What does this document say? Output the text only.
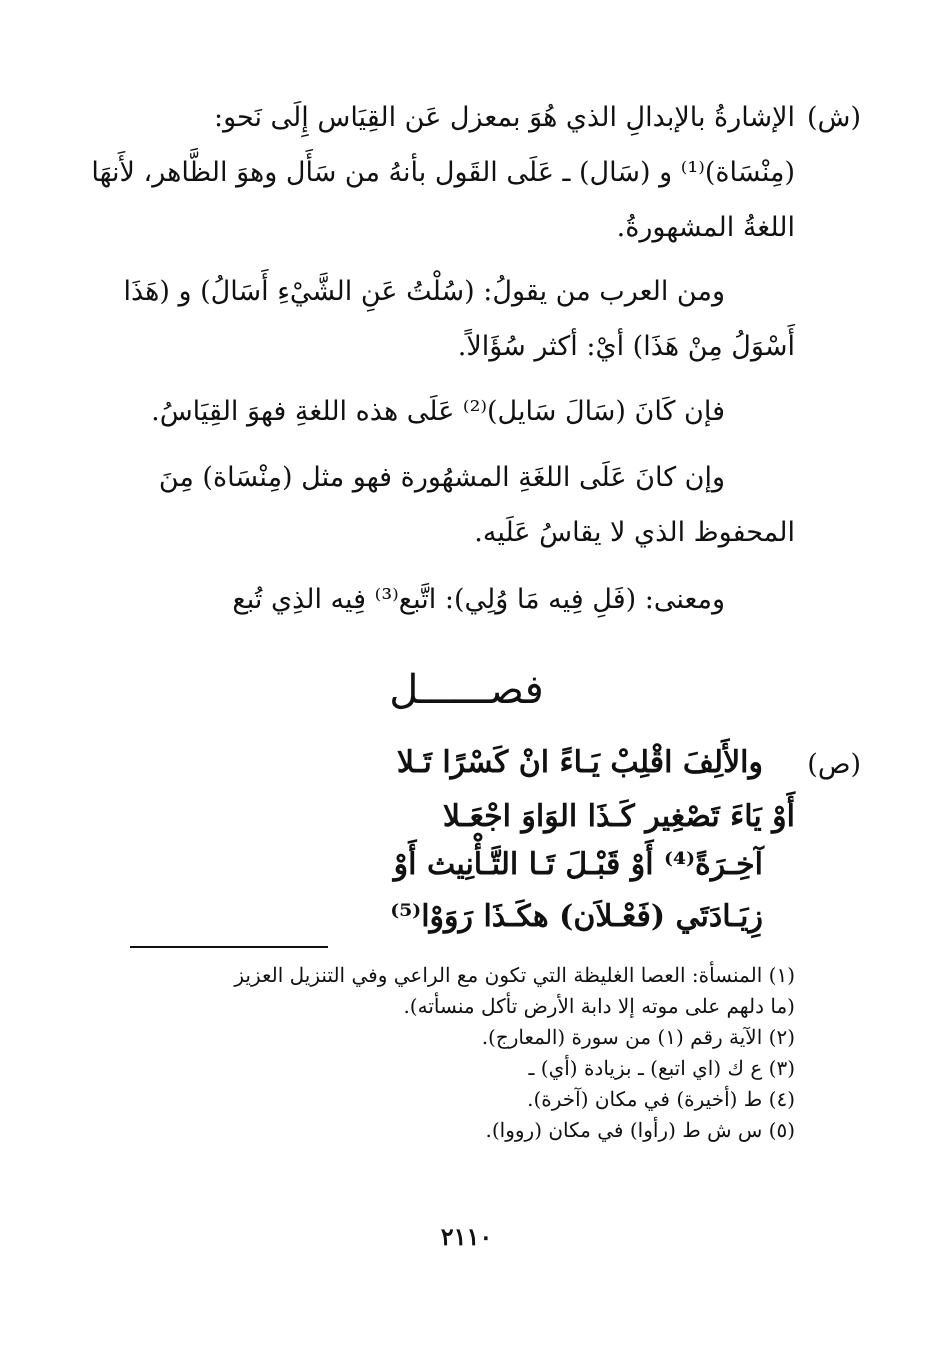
(ش)
الإشارةُ بالإبدالِ الذي هُوَ بمعزل عَن القِيَاس إِلَى نَحو:
(مِنْسَاة)⁽¹⁾ و (سَال) ـ عَلَى القَول بأنهُ من سَأَل وهوَ الظَّاهر، لأَنهَا
اللغةُ المشهورةُ.
ومن العرب من يقولُ: (سُلْتُ عَنِ الشَّيْءِ أَسَالُ) و (هَذَا
أَسْوَلُ مِنْ هَذَا) أيْ: أكثر سُؤَالاً.
فإن كَانَ (سَالَ سَايل)⁽²⁾ عَلَى هذه اللغةِ فهوَ القِيَاسُ.
وإن كانَ عَلَى اللغَةِ المشهُورة فهو مثل (مِنْسَاة) مِنَ
المحفوظ الذي لا يقاسُ عَلَيه.
ومعنى: (فَلِ فِيه مَا وُلِي): اتَّبع⁽³⁾ فِيه الذِي تُبع
فصــــــل
(ص)
والأَلِفَ اقْلِبْ يَـاءً انْ كَسْرًا تَـلا
أَوْ يَاءَ تَصْغِير كَـذَا الوَاوَ اجْعَـلا
آخِـرَةً⁽⁴⁾ أَوْ قَبْـلَ تَـا التَّـأْنِيث أَوْ
زِيَـادَتَي (فَعْـلاَن) هكَـذَا رَوَوْا⁽⁵⁾

(١) المنسأة: العصا الغليظة التي تكون مع الراعي وفي التنزيل العزيز

(ما دلهم على موته إلا دابة الأرض تأكل منسأته).

(٢) الآية رقم (١) من سورة (المعارج).

(٣) ع ك (اي اتبع) ـ بزيادة (أي) ـ

(٤) ط (أخيرة) في مكان (آخرة).

(٥) س ش ط (رأوا) في مكان (رووا).

٢١١٠
